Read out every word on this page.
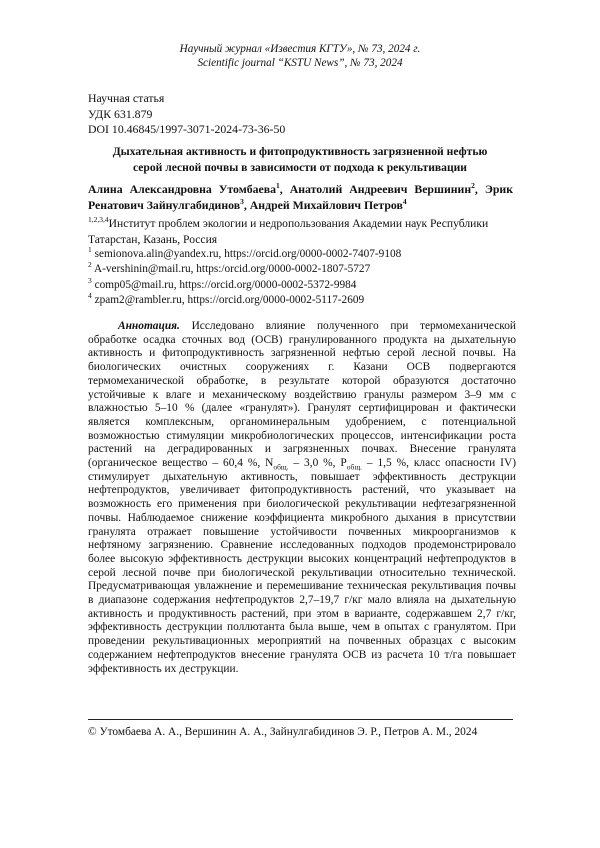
Научный журнал «Известия КГТУ», № 73, 2024 г.
Scientific journal “KSTU News”, № 73, 2024
Научная статья
УДК 631.879
DOI 10.46845/1997-3071-2024-73-36-50
Дыхательная активность и фитопродуктивность загрязненной нефтью серой лесной почвы в зависимости от подхода к рекультивации
Алина Александровна Утомбаева$^1$, Анатолий Андреевич Вершинин$^2$, Эрик Ренатович Зайнулгабидинов$^3$, Андрей Михайлович Петров$^4$
$^{1,2,3,4}$Институт проблем экологии и недропользования Академии наук Республики Татарстан, Казань, Россия
$^1$ semionova.alin@yandex.ru, https://orcid.org/0000-0002-7407-9108
$^2$ A-vershinin@mail.ru, https:/orcid.org/0000-0002-1807-5727
$^3$ comp05@mail.ru, https://orcid.org/0000-0002-5372-9984
$^4$ zpam2@rambler.ru, https://orcid.org/0000-0002-5117-2609
Аннотация. Исследовано влияние полученного при термомеханической обработке осадка сточных вод (ОСВ) гранулированного продукта на дыхательную активность и фитопродуктивность загрязненной нефтью серой лесной почвы. На биологических очистных сооружениях г. Казани ОСВ подвергаются термомеханической обработке, в результате которой образуются достаточно устойчивые к влаге и механическому воздействию гранулы размером 3–9 мм с влажностью 5–10 % (далее «гранулят»). Гранулят сертифицирован и фактически является комплексным, органоминеральным удобрением, с потенциальной возможностью стимуляции микробиологических процессов, интенсификации роста растений на деградированных и загрязненных почвах. Внесение гранулята (органическое вещество – 60,4 %, $N_{общ.} - 3,0$ %, $P_{общ.} - 1,5$ %, класс опасности IV) стимулирует дыхательную активность, повышает эффективность деструкции нефтепродуктов, увеличивает фитопродуктивность растений, что указывает на возможность его применения при биологической рекультивации нефтезагрязненной почвы. Наблюдаемое снижение коэффициента микробного дыхания в присутствии гранулята отражает повышение устойчивости почвенных микроорганизмов к нефтяному загрязнению. Сравнение исследованных подходов продемонстрировало более высокую эффективность деструкции высоких концентраций нефтепродуктов в серой лесной почве при биологической рекультивации относительно технической. Предусматривающая увлажнение и перемешивание техническая рекультивация почвы в диапазоне содержания нефтепродуктов 2,7–19,7 г/кг мало влияла на дыхательную активность и продуктивность растений, при этом в варианте, содержавшем 2,7 г/кг, эффективность деструкции поллютанта была выше, чем в опытах с гранулятом. При проведении рекультивационных мероприятий на почвенных образцах с высоким содержанием нефтепродуктов внесение гранулята ОСВ из расчета 10 т/га повышает эффективность их деструкции.
© Утомбаева А. А., Вершинин А. А., Зайнулгабидинов Э. Р., Петров А. М., 2024
